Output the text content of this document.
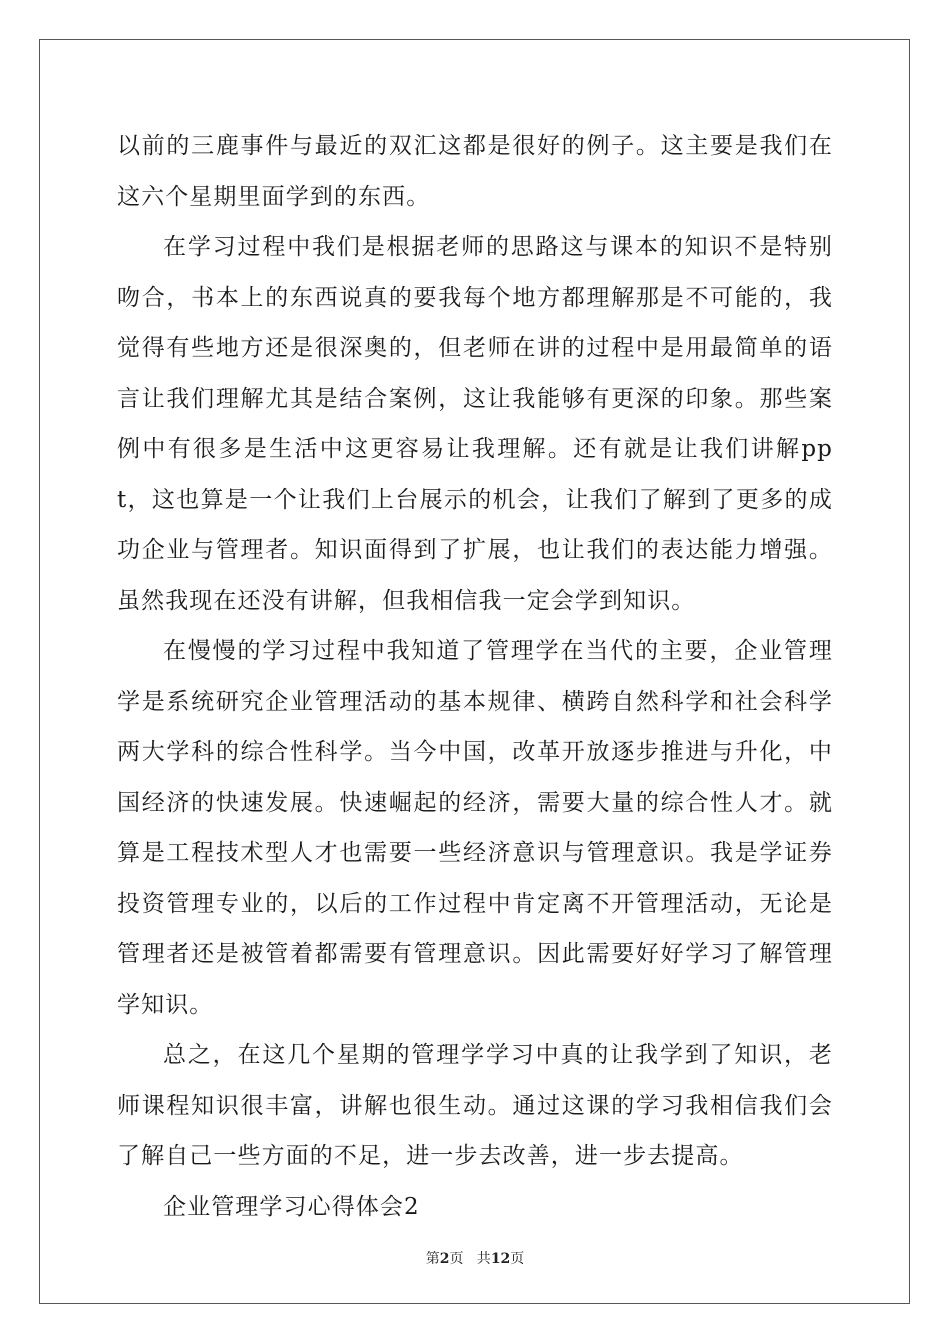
以前的三鹿事件与最近的双汇这都是很好的例子。这主要是我们在这六个星期里面学到的东西。

在学习过程中我们是根据老师的思路这与课本的知识不是特别吻合，书本上的东西说真的要我每个地方都理解那是不可能的，我觉得有些地方还是很深奥的，但老师在讲的过程中是用最简单的语言让我们理解尤其是结合案例，这让我能够有更深的印象。那些案例中有很多是生活中这更容易让我理解。还有就是让我们讲解ppt，这也算是一个让我们上台展示的机会，让我们了解到了更多的成功企业与管理者。知识面得到了扩展，也让我们的表达能力增强。虽然我现在还没有讲解，但我相信我一定会学到知识。

在慢慢的学习过程中我知道了管理学在当代的主要，企业管理学是系统研究企业管理活动的基本规律、横跨自然科学和社会科学两大学科的综合性科学。当今中国，改革开放逐步推进与升化，中国经济的快速发展。快速崛起的经济，需要大量的综合性人才。就算是工程技术型人才也需要一些经济意识与管理意识。我是学证券投资管理专业的，以后的工作过程中肯定离不开管理活动，无论是管理者还是被管着都需要有管理意识。因此需要好好学习了解管理学知识。

总之，在这几个星期的管理学学习中真的让我学到了知识，老师课程知识很丰富，讲解也很生动。通过这课的学习我相信我们会了解自己一些方面的不足，进一步去改善，进一步去提高。

企业管理学习心得体会2

第2页   共12页
